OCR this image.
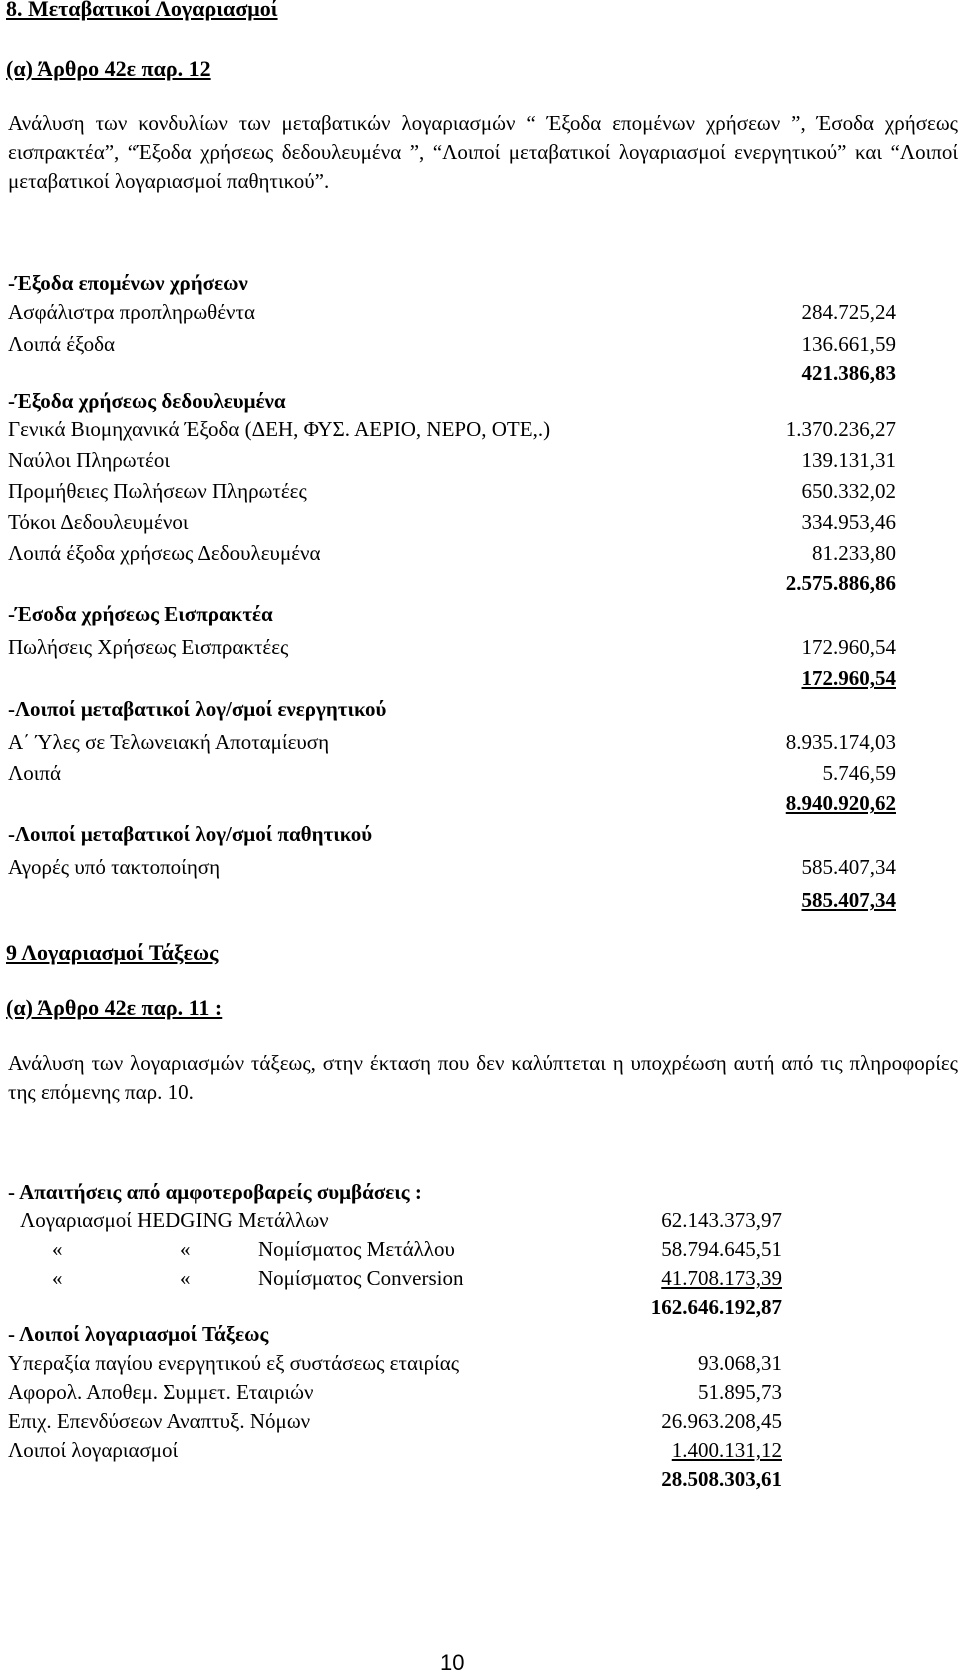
8. Μεταβατικοί Λογαριασμοί
(α) Άρθρο 42ε παρ. 12
Ανάλυση των κονδυλίων των μεταβατικών λογαριασμών “ Έξοδα επομένων χρήσεων ”, Έσοδα χρήσεως εισπρακτέα”, “Έξοδα χρήσεως δεδουλευμένα ”, “Λοιποί μεταβατικοί λογαριασμοί ενεργητικού” και “Λοιποί μεταβατικοί λογαριασμοί παθητικού”.
-Έξοδα επομένων χρήσεων
Ασφάλιστρα προπληρωθέντα	284.725,24
Λοιπά έξοδα	136.661,59
421.386,83
-Έξοδα χρήσεως δεδουλευμένα
Γενικά Βιομηχανικά Έξοδα (ΔΕΗ, ΦΥΣ. ΑΕΡΙΟ, ΝΕΡΟ, ΟΤΕ,.)	1.370.236,27
Ναύλοι Πληρωτέοι	139.131,31
Προμήθειες Πωλήσεων Πληρωτέες	650.332,02
Τόκοι Δεδουλευμένοι	334.953,46
Λοιπά έξοδα χρήσεως Δεδουλευμένα	81.233,80
2.575.886,86
-Έσοδα χρήσεως Εισπρακτέα
Πωλήσεις Χρήσεως Εισπρακτέες	172.960,54
172.960,54
-Λοιποί μεταβατικοί λογ/σμοί ενεργητικού
Α΄ Ύλες σε Τελωνειακή Αποταμίευση	8.935.174,03
Λοιπά	5.746,59
8.940.920,62
-Λοιποί μεταβατικοί λογ/σμοί παθητικού
Αγορές υπό τακτοποίηση	585.407,34
585.407,34
9 Λογαριασμοί Τάξεως
(α) Άρθρο 42ε παρ. 11 :
Ανάλυση των λογαριασμών τάξεως, στην έκταση που δεν καλύπτεται η υποχρέωση αυτή από τις πληροφορίες της επόμενης παρ. 10.
- Απαιτήσεις από αμφοτεροβαρείς συμβάσεις :
Λογαριασμοί HEDGING Μετάλλων	62.143.373,97
«	«	Νομίσματος Μετάλλου	58.794.645,51
«	«	Νομίσματος Conversion	41.708.173,39
162.646.192,87
- Λοιποί λογαριασμοί Τάξεως
Υπεραξία παγίου ενεργητικού εξ συστάσεως εταιρίας	93.068,31
Αφορολ. Αποθεμ. Συμμετ. Εταιριών	51.895,73
Επιχ. Επενδύσεων Αναπτυξ. Νόμων	26.963.208,45
Λοιποί λογαριασμοί	1.400.131,12
28.508.303,61
10
